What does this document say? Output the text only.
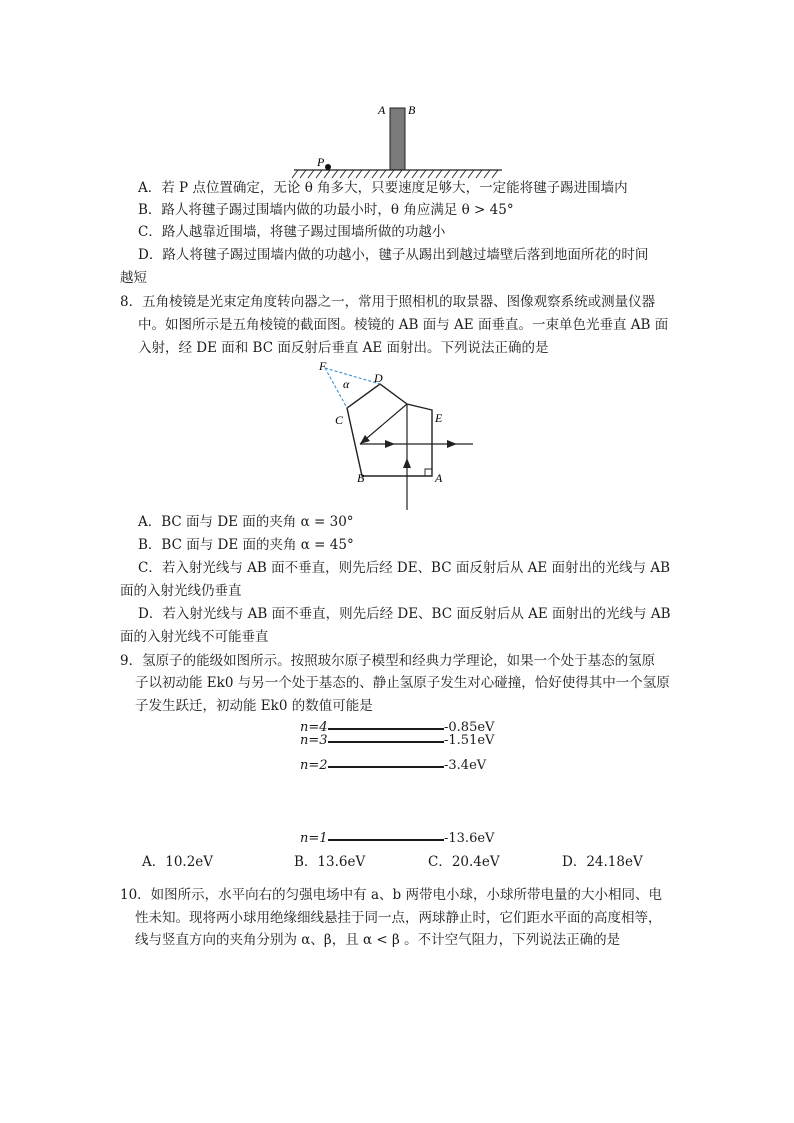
A B
P
A．若 P 点位置确定，无论 θ 角多大，只要速度足够大，一定能将毽子踢进围墙内
B．路人将毽子踢过围墙内做的功最小时，θ 角应满足 θ > 45°
C．路人越靠近围墙，将毽子踢过围墙所做的功越小
D．路人将毽子踢过围墙内做的功越小，毽子从踢出到越过墙壁后落到地面所花的时间
越短
8．五角棱镜是光束定角度转向器之一，常用于照相机的取景器、图像观察系统或测量仪器
中。如图所示是五角棱镜的截面图。棱镜的 AB 面与 AE 面垂直。一束单色光垂直 AB 面
入射，经 DE 面和 BC 面反射后垂直 AE 面射出。下列说法正确的是
F
α D
E
C
B	A
A．BC 面与 DE 面的夹角 α = 30°
B．BC 面与 DE 面的夹角 α = 45°
C．若入射光线与 AB 面不垂直，则先后经 DE、BC 面反射后从 AE 面射出的光线与 AB
面的入射光线仍垂直
D．若入射光线与 AB 面不垂直，则先后经 DE、BC 面反射后从 AE 面射出的光线与 AB
面的入射光线不可能垂直
9．氢原子的能级如图所示。按照玻尔原子模型和经典力学理论，如果一个处于基态的氢原
子以初动能 Ek0 与另一个处于基态的、静止氢原子发生对心碰撞，恰好使得其中一个氢原
子发生跃迁，初动能 Ek0 的数值可能是
n=4
n=3
n=2
n=1
-0.85eV
-1.51eV
-3.4eV
-13.6eV
A．10.2eV	B．13.6eV	C．20.4eV	D．24.18eV
10．如图所示，水平向右的匀强电场中有 a、b 两带电小球，小球所带电量的大小相同、电
性未知。现将两小球用绝缘细线悬挂于同一点，两球静止时，它们距水平面的高度相等，
线与竖直方向的夹角分别为 α、β，且 α < β 。不计空气阻力，下列说法正确的是
